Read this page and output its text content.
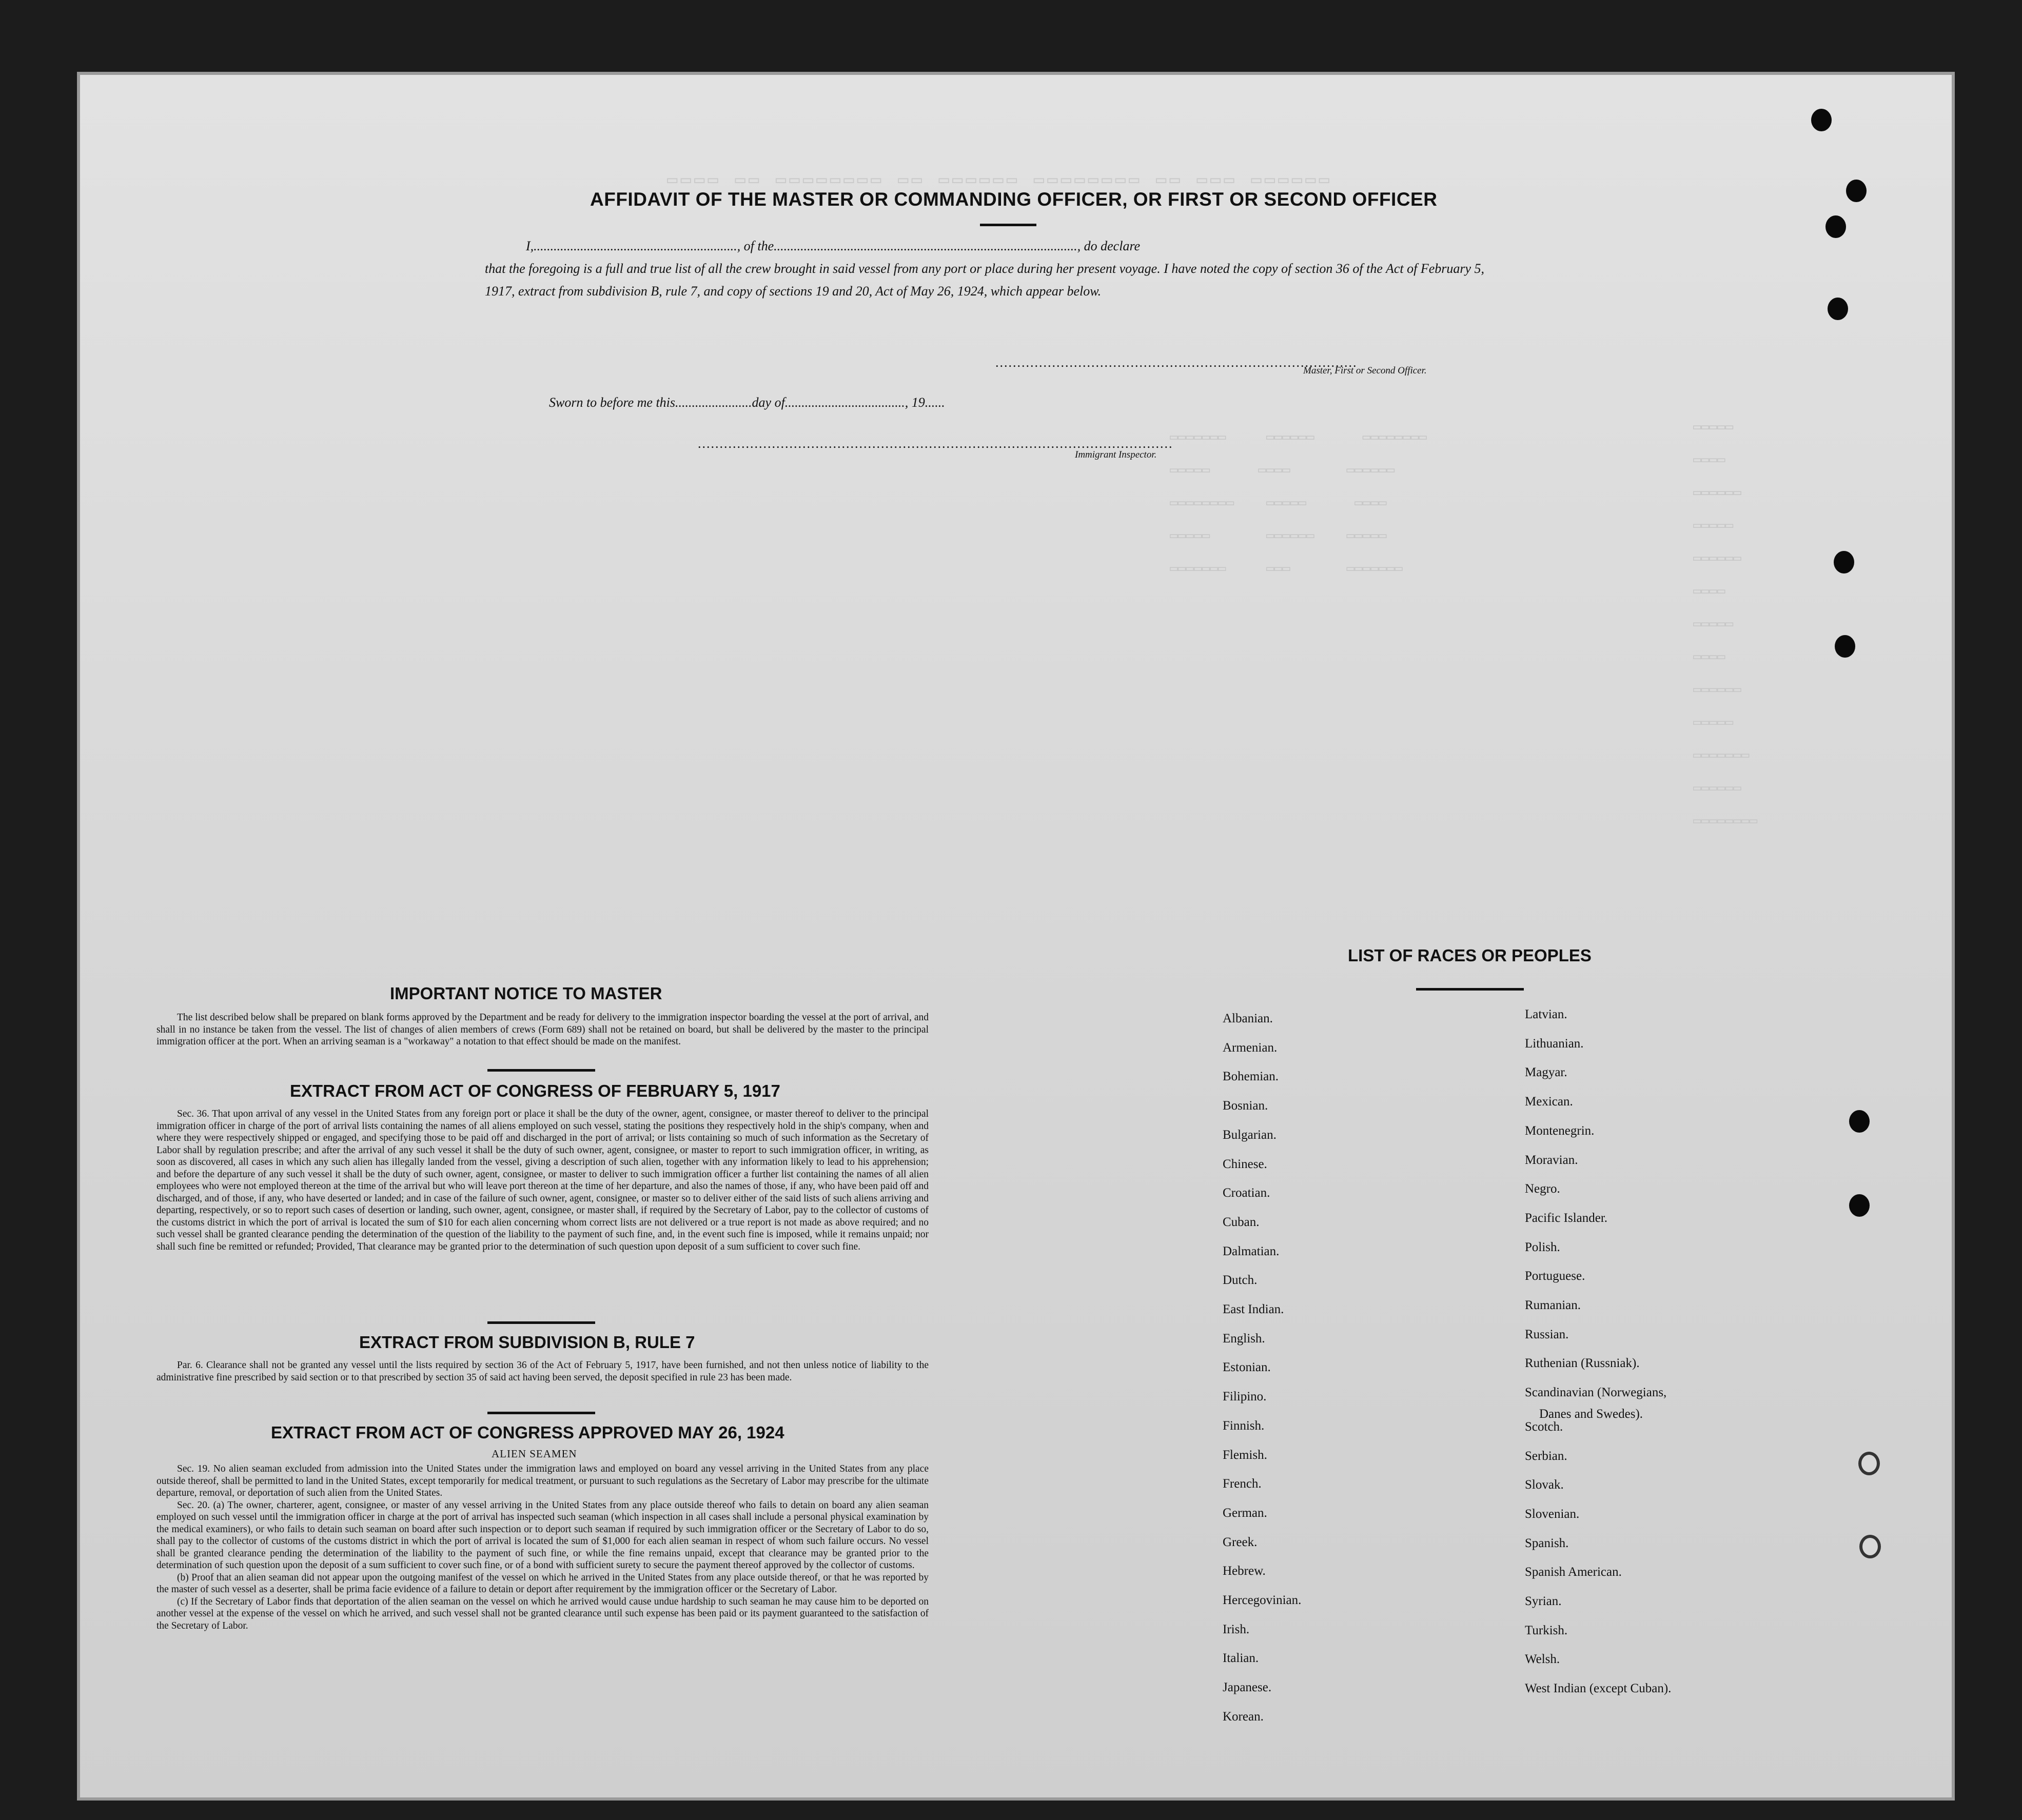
▭▭▭▭ ▭▭ ▭▭▭▭▭▭▭▭ ▭▭ ▭▭▭▭▭▭ ▭▭▭▭▭▭▭▭ ▭▭ ▭▭▭ ▭▭▭▭▭▭
▭▭▭▭▭▭▭     ▭▭▭▭▭▭      ▭▭▭▭▭▭▭▭
▭▭▭▭▭      ▭▭▭▭       ▭▭▭▭▭▭
▭▭▭▭▭▭▭▭    ▭▭▭▭▭      ▭▭▭▭
▭▭▭▭▭       ▭▭▭▭▭▭    ▭▭▭▭▭
▭▭▭▭▭▭▭     ▭▭▭       ▭▭▭▭▭▭▭
▭▭▭▭▭
▭▭▭▭
▭▭▭▭▭▭
▭▭▭▭▭
▭▭▭▭▭▭
▭▭▭▭
▭▭▭▭▭
▭▭▭▭
▭▭▭▭▭▭
▭▭▭▭▭
▭▭▭▭▭▭▭
▭▭▭▭▭▭
▭▭▭▭▭▭▭▭
AFFIDAVIT OF THE MASTER OR COMMANDING OFFICER, OR FIRST OR SECOND OFFICER
I,............................................................., of the..........................................................................................., do declare
that the foregoing is a full and true list of all the crew brought in said vessel from any port or place during her present voyage. I have noted the copy of section 36 of the Act of February 5, 1917, extract from subdivision B, rule 7, and copy of sections 19 and 20, Act of May 26, 1924, which appear below.
...................................................................................
Master, First or Second Officer.
Sworn to before me this.......................day of...................................., 19......
.............................................................................................................
Immigrant Inspector.
IMPORTANT NOTICE TO MASTER

The list described below shall be prepared on blank forms approved by the Department and be ready for delivery to the immigration inspector boarding the vessel at the port of arrival, and shall in no instance be taken from the vessel. The list of changes of alien members of crews (Form 689) shall not be retained on board, but shall be delivered by the master to the principal immigration officer at the port. When an arriving seaman is a "workaway" a notation to that effect should be made on the manifest.

EXTRACT FROM ACT OF CONGRESS OF FEBRUARY 5, 1917

Sec. 36. That upon arrival of any vessel in the United States from any foreign port or place it shall be the duty of the owner, agent, consignee, or master thereof to deliver to the principal immigration officer in charge of the port of arrival lists containing the names of all aliens employed on such vessel, stating the positions they respectively hold in the ship's company, when and where they were respectively shipped or engaged, and specifying those to be paid off and discharged in the port of arrival; or lists containing so much of such information as the Secretary of Labor shall by regulation prescribe; and after the arrival of any such vessel it shall be the duty of such owner, agent, consignee, or master to report to such immigration officer, in writing, as soon as discovered, all cases in which any such alien has illegally landed from the vessel, giving a description of such alien, together with any information likely to lead to his apprehension; and before the departure of any such vessel it shall be the duty of such owner, agent, consignee, or master to deliver to such immigration officer a further list containing the names of all alien employees who were not employed thereon at the time of the arrival but who will leave port thereon at the time of her departure, and also the names of those, if any, who have been paid off and discharged, and of those, if any, who have deserted or landed; and in case of the failure of such owner, agent, consignee, or master so to deliver either of the said lists of such aliens arriving and departing, respectively, or so to report such cases of desertion or landing, such owner, agent, consignee, or master shall, if required by the Secretary of Labor, pay to the collector of customs of the customs district in which the port of arrival is located the sum of $10 for each alien concerning whom correct lists are not delivered or a true report is not made as above required; and no such vessel shall be granted clearance pending the determination of the question of the liability to the payment of such fine, and, in the event such fine is imposed, while it remains unpaid; nor shall such fine be remitted or refunded; Provided, That clearance may be granted prior to the determination of such question upon deposit of a sum sufficient to cover such fine.

EXTRACT FROM SUBDIVISION B, RULE 7

Par. 6. Clearance shall not be granted any vessel until the lists required by section 36 of the Act of February 5, 1917, have been furnished, and not then unless notice of liability to the administrative fine prescribed by said section or to that prescribed by section 35 of said act having been served, the deposit specified in rule 23 has been made.

EXTRACT FROM ACT OF CONGRESS APPROVED MAY 26, 1924
ALIEN SEAMEN

Sec. 19. No alien seaman excluded from admission into the United States under the immigration laws and employed on board any vessel arriving in the United States from any place outside thereof, shall be permitted to land in the United States, except temporarily for medical treatment, or pursuant to such regulations as the Secretary of Labor may prescribe for the ultimate departure, removal, or deportation of such alien from the United States.

Sec. 20. (a) The owner, charterer, agent, consignee, or master of any vessel arriving in the United States from any place outside thereof who fails to detain on board any alien seaman employed on such vessel until the immigration officer in charge at the port of arrival has inspected such seaman (which inspection in all cases shall include a personal physical examination by the medical examiners), or who fails to detain such seaman on board after such inspection or to deport such seaman if required by such immigration officer or the Secretary of Labor to do so, shall pay to the collector of customs of the customs district in which the port of arrival is located the sum of $1,000 for each alien seaman in respect of whom such failure occurs. No vessel shall be granted clearance pending the determination of the liability to the payment of such fine, or while the fine remains unpaid, except that clearance may be granted prior to the determination of such question upon the deposit of a sum sufficient to cover such fine, or of a bond with sufficient surety to secure the payment thereof approved by the collector of customs.

(b) Proof that an alien seaman did not appear upon the outgoing manifest of the vessel on which he arrived in the United States from any place outside thereof, or that he was reported by the master of such vessel as a deserter, shall be prima facie evidence of a failure to detain or deport after requirement by the immigration officer or the Secretary of Labor.

(c) If the Secretary of Labor finds that deportation of the alien seaman on the vessel on which he arrived would cause undue hardship to such seaman he may cause him to be deported on another vessel at the expense of the vessel on which he arrived, and such vessel shall not be granted clearance until such expense has been paid or its payment guaranteed to the satisfaction of the Secretary of Labor.

LIST OF RACES OR PEOPLES
Albanian.
Armenian.
Bohemian.
Bosnian.
Bulgarian.
Chinese.
Croatian.
Cuban.
Dalmatian.
Dutch.
East Indian.
English.
Estonian.
Filipino.
Finnish.
Flemish.
French.
German.
Greek.
Hebrew.
Hercegovinian.
Irish.
Italian.
Japanese.
Korean.
Latvian.
Lithuanian.
Magyar.
Mexican.
Montenegrin.
Moravian.
Negro.
Pacific Islander.
Polish.
Portuguese.
Rumanian.
Russian.
Ruthenian (Russniak).
Scandinavian (Norwegians,
Danes and Swedes).
Scotch.
Serbian.
Slovak.
Slovenian.
Spanish.
Spanish American.
Syrian.
Turkish.
Welsh.
West Indian (except Cuban).
